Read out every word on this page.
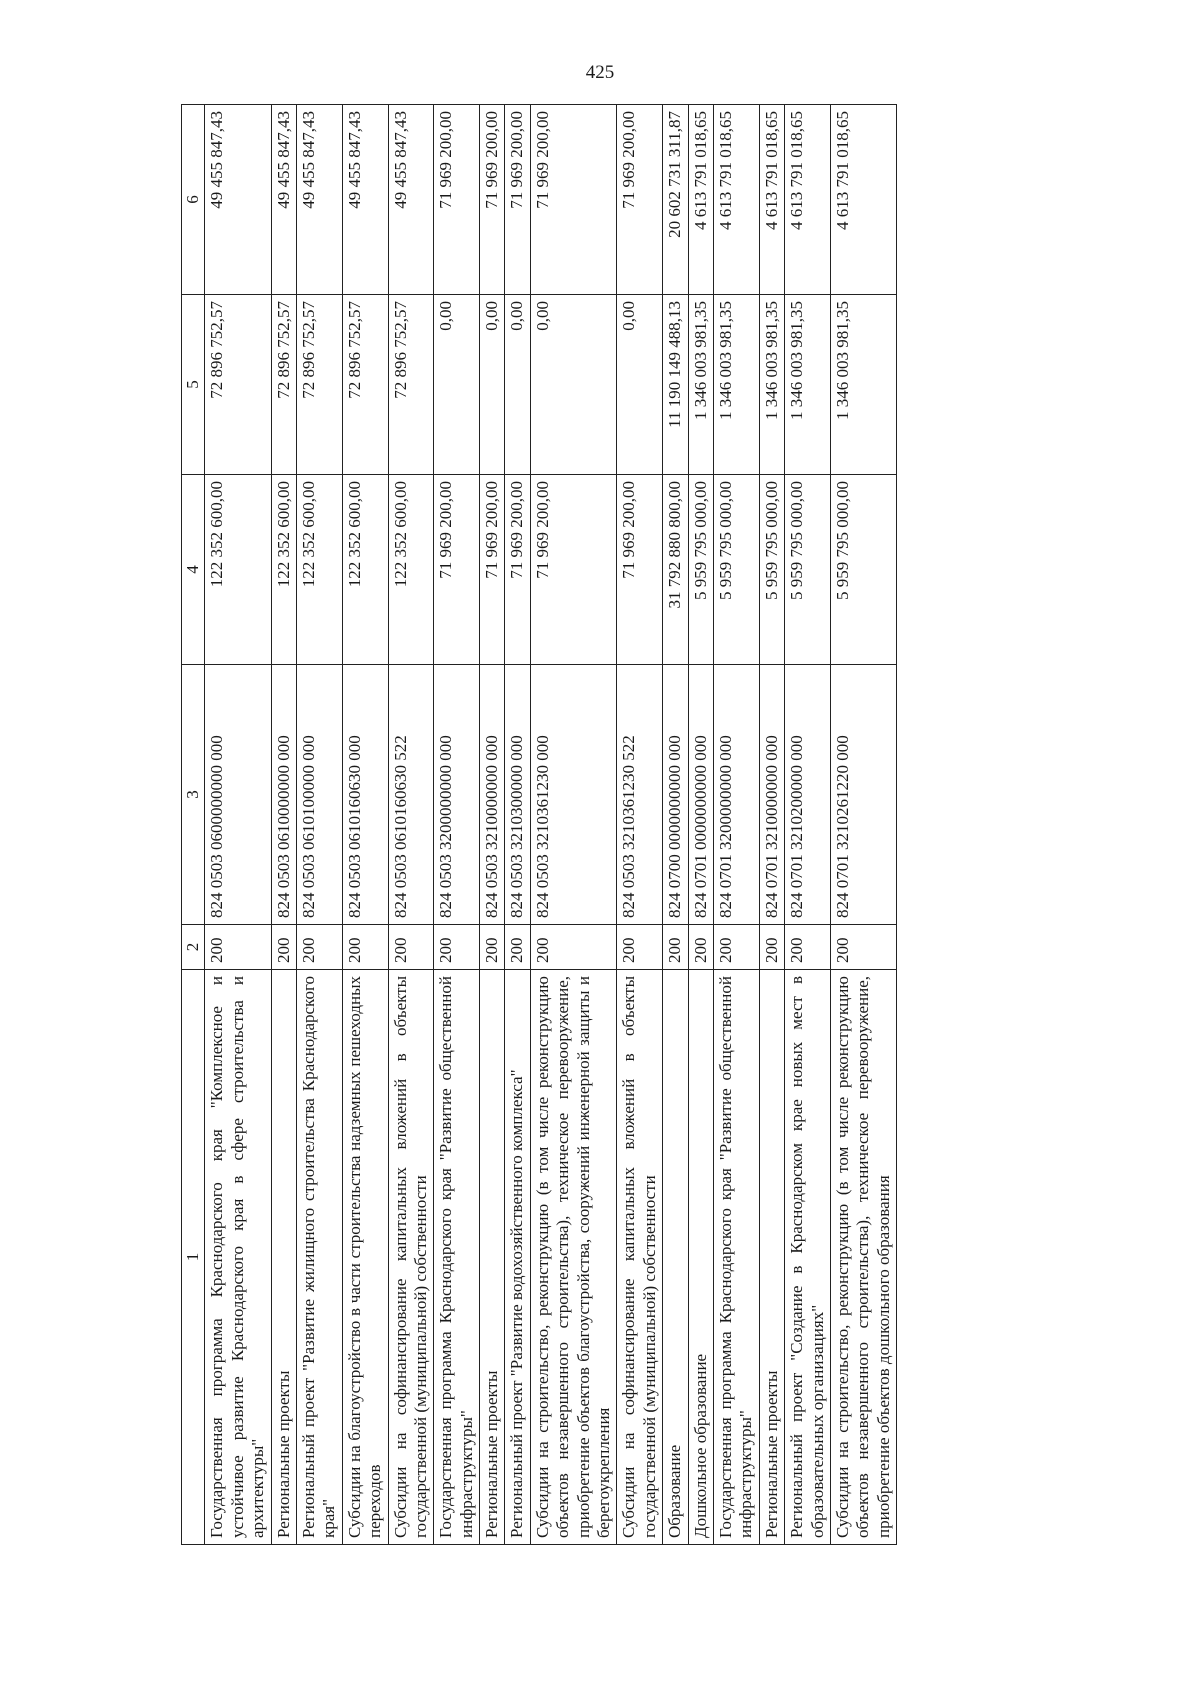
425
1	2	3	4	5	6
Государственная программа Краснодарского края "Комплексное и устойчивое развитие Краснодарского края в сфере строительства и архитектуры"	200	824 0503 0600000000 000	122 352 600,00	72 896 752,57	49 455 847,43
Региональные проекты	200	824 0503 0610000000 000	122 352 600,00	72 896 752,57	49 455 847,43
Региональный проект "Развитие жилищного строительства Краснодарского края"	200	824 0503 0610100000 000	122 352 600,00	72 896 752,57	49 455 847,43
Субсидии на благоустройство в части строительства надземных пешеходных переходов	200	824 0503 0610160630 000	122 352 600,00	72 896 752,57	49 455 847,43
Субсидии на софинансирование капитальных вложений в объекты государственной (муниципальной) собственности	200	824 0503 0610160630 522	122 352 600,00	72 896 752,57	49 455 847,43
Государственная программа Краснодарского края "Развитие общественной инфраструктуры"	200	824 0503 3200000000 000	71 969 200,00	0,00	71 969 200,00
Региональные проекты	200	824 0503 3210000000 000	71 969 200,00	0,00	71 969 200,00
Региональный проект "Развитие водохозяйственного комплекса"	200	824 0503 3210300000 000	71 969 200,00	0,00	71 969 200,00
Субсидии на строительство, реконструкцию (в том числе реконструкцию объектов незавершенного строительства), техническое перевооружение, приобретение объектов благоустройства, сооружений инженерной защиты и берегоукрепления	200	824 0503 3210361230 000	71 969 200,00	0,00	71 969 200,00
Субсидии на софинансирование капитальных вложений в объекты государственной (муниципальной) собственности	200	824 0503 3210361230 522	71 969 200,00	0,00	71 969 200,00
Образование	200	824 0700 0000000000 000	31 792 880 800,00	11 190 149 488,13	20 602 731 311,87
Дошкольное образование	200	824 0701 0000000000 000	5 959 795 000,00	1 346 003 981,35	4 613 791 018,65
Государственная программа Краснодарского края "Развитие общественной инфраструктуры"	200	824 0701 3200000000 000	5 959 795 000,00	1 346 003 981,35	4 613 791 018,65
Региональные проекты	200	824 0701 3210000000 000	5 959 795 000,00	1 346 003 981,35	4 613 791 018,65
Региональный проект "Создание в Краснодарском крае новых мест в образовательных организациях"	200	824 0701 3210200000 000	5 959 795 000,00	1 346 003 981,35	4 613 791 018,65
Субсидии на строительство, реконструкцию (в том числе реконструкцию объектов незавершенного строительства), техническое перевооружение, приобретение объектов дошкольного образования	200	824 0701 3210261220 000	5 959 795 000,00	1 346 003 981,35	4 613 791 018,65
